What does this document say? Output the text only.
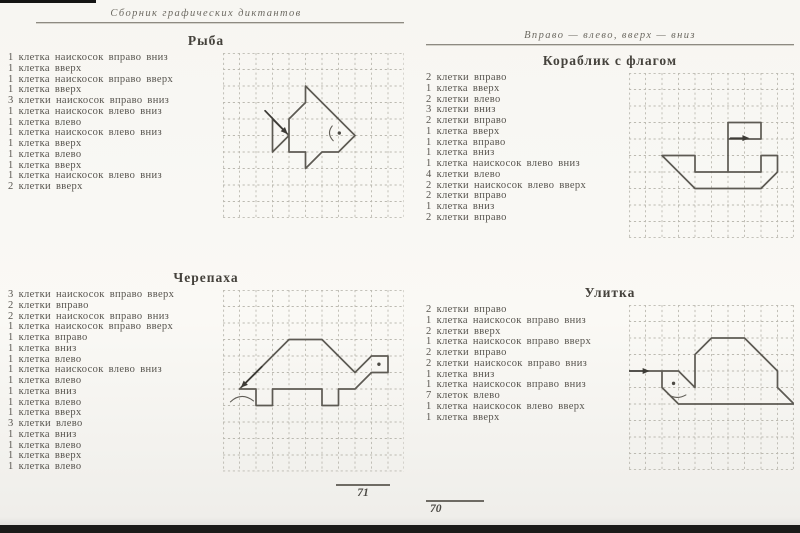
Сборник графических диктантов
Рыба
1 клетка наискосок вправо вниз
1 клетка вверх
1 клетка наискосок вправо вверх
1 клетка вверх
3 клетки наискосок вправо вниз
1 клетка наискосок влево вниз
1 клетка влево
1 клетка наискосок влево вниз
1 клетка вверх
1 клетка влево
1 клетка вверх
1 клетка наискосок влево вниз
2 клетки вверх
Черепаха
3 клетки наискосок вправо вверх
2 клетки вправо
2 клетки наискосок вправо вниз
1 клетка наискосок вправо вверх
1 клетка вправо
1 клетка вниз
1 клетка влево
1 клетка наискосок влево вниз
1 клетка влево
1 клетка вниз
1 клетка влево
1 клетка вверх
3 клетки влево
1 клетка вниз
1 клетка влево
1 клетка вверх
1 клетка влево
71
Вправо — влево, вверх — вниз
Кораблик с флагом
2 клетки вправо
1 клетка вверх
2 клетки влево
3 клетки вниз
2 клетки вправо
1 клетка вверх
1 клетка вправо
1 клетка вниз
1 клетка наискосок влево вниз
4 клетки влево
2 клетки наискосок влево вверх
2 клетки вправо
1 клетка вниз
2 клетки вправо
Улитка
2 клетки вправо
1 клетка наискосок вправо вниз
2 клетки вверх
1 клетка наискосок вправо вверх
2 клетки вправо
2 клетки наискосок вправо вниз
1 клетка вниз
1 клетка наискосок вправо вниз
7 клеток влево
1 клетка наискосок влево вверх
1 клетка вверх
70
